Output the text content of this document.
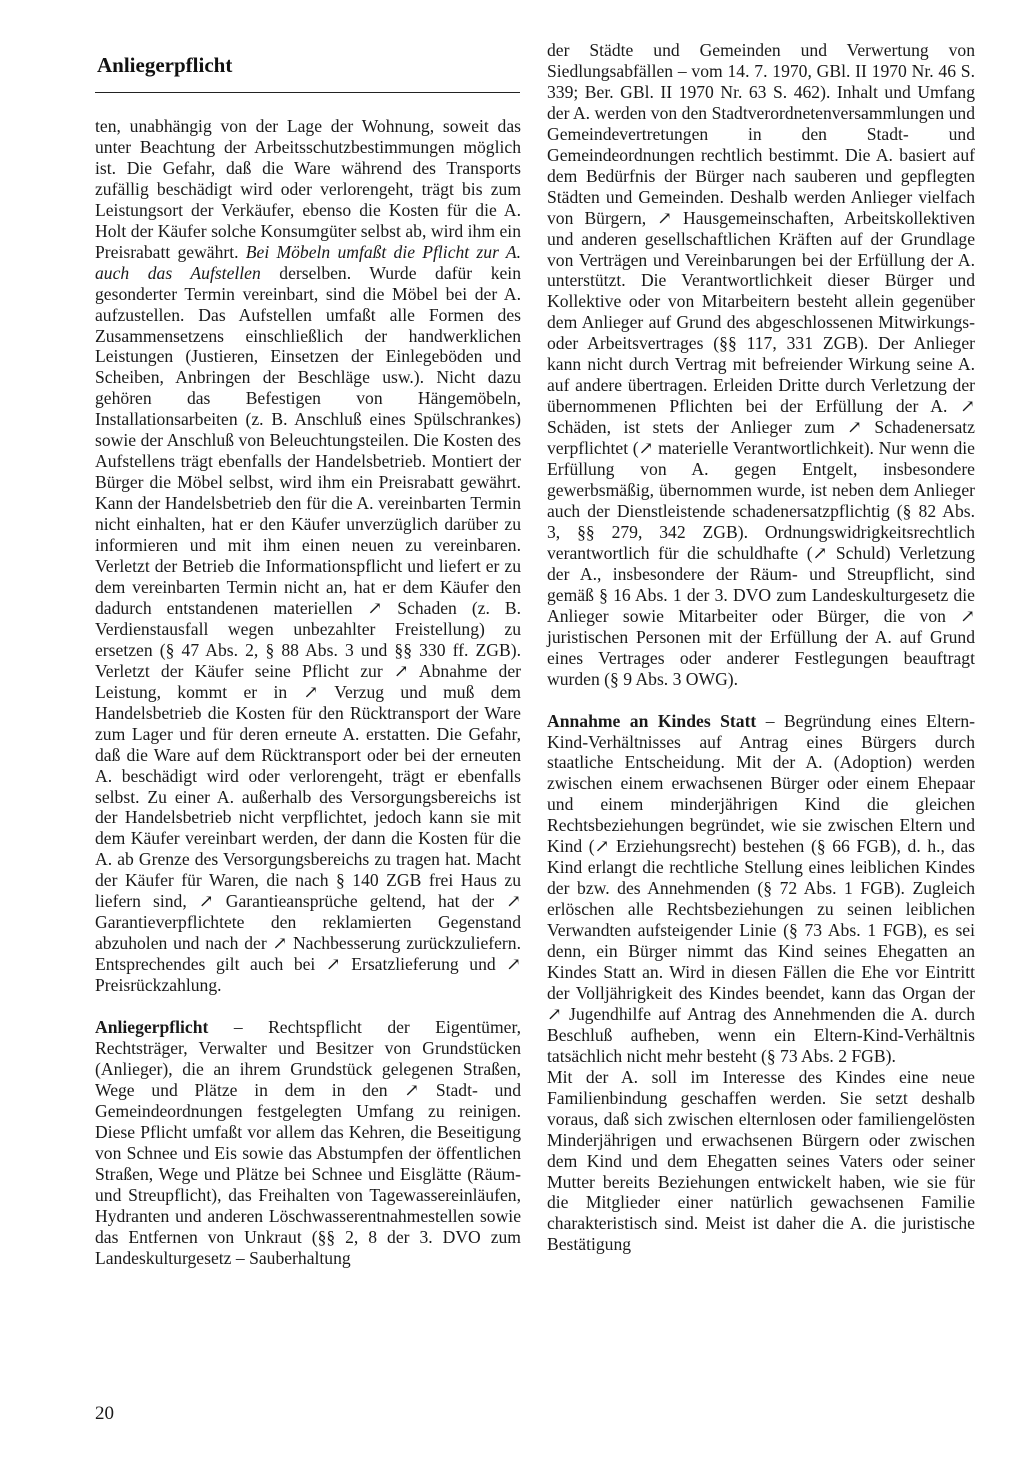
Anliegerpflicht

ten, unabhängig von der Lage der Wohnung, soweit das unter Beachtung der Arbeitsschutzbestimmungen möglich ist. Die Gefahr, daß die Ware während des Transports zufällig beschädigt wird oder verlorengeht, trägt bis zum Leistungsort der Verkäufer, ebenso die Kosten für die A. Holt der Käufer solche Konsumgüter selbst ab, wird ihm ein Preisrabatt gewährt. Bei Möbeln umfaßt die Pflicht zur A. auch das Aufstellen derselben. Wurde dafür kein gesonderter Termin vereinbart, sind die Möbel bei der A. aufzustellen. Das Aufstellen umfaßt alle Formen des Zusammensetzens einschließlich der handwerklichen Leistungen (Justieren, Einsetzen der Einlegeböden und Scheiben, Anbringen der Beschläge usw.). Nicht dazu gehören das Befestigen von Hängemöbeln, Installationsarbeiten (z. B. Anschluß eines Spülschrankes) sowie der Anschluß von Beleuchtungsteilen. Die Kosten des Aufstellens trägt ebenfalls der Handelsbetrieb. Montiert der Bürger die Möbel selbst, wird ihm ein Preisrabatt gewährt. Kann der Handelsbetrieb den für die A. vereinbarten Termin nicht einhalten, hat er den Käufer unverzüglich darüber zu informieren und mit ihm einen neuen zu vereinbaren. Verletzt der Betrieb die Informationspflicht und liefert er zu dem vereinbarten Termin nicht an, hat er dem Käufer den dadurch entstandenen materiellen ↗ Schaden (z. B. Verdienstausfall wegen unbezahlter Freistellung) zu ersetzen (§ 47 Abs. 2, § 88 Abs. 3 und §§ 330 ff. ZGB). Verletzt der Käufer seine Pflicht zur ↗ Abnahme der Leistung, kommt er in ↗ Verzug und muß dem Handelsbetrieb die Kosten für den Rücktransport der Ware zum Lager und für deren erneute A. erstatten. Die Gefahr, daß die Ware auf dem Rücktransport oder bei der erneuten A. beschädigt wird oder verlorengeht, trägt er ebenfalls selbst. Zu einer A. außerhalb des Versorgungsbereichs ist der Handelsbetrieb nicht verpflichtet, jedoch kann sie mit dem Käufer vereinbart werden, der dann die Kosten für die A. ab Grenze des Versorgungsbereichs zu tragen hat. Macht der Käufer für Waren, die nach § 140 ZGB frei Haus zu liefern sind, ↗ Garantieansprüche geltend, hat der ↗ Garantieverpflichtete den reklamierten Gegenstand abzuholen und nach der ↗ Nachbesserung zurückzuliefern. Entsprechendes gilt auch bei ↗ Ersatzlieferung und ↗ Preisrückzahlung.

Anliegerpflicht – Rechtspflicht der Eigentümer, Rechtsträger, Verwalter und Besitzer von Grundstücken (Anlieger), die an ihrem Grundstück gelegenen Straßen, Wege und Plätze in dem in den ↗ Stadt- und Gemeindeordnungen festgelegten Umfang zu reinigen. Diese Pflicht umfaßt vor allem das Kehren, die Beseitigung von Schnee und Eis sowie das Abstumpfen der öffentlichen Straßen, Wege und Plätze bei Schnee und Eisglätte (Räum- und Streupflicht), das Freihalten von Tagewassereinläufen, Hydranten und anderen Löschwasserentnahmestellen sowie das Entfernen von Unkraut (§§ 2, 8 der 3. DVO zum Landeskulturgesetz – Sauberhaltung

der Städte und Gemeinden und Verwertung von Siedlungsabfällen – vom 14. 7. 1970, GBl. II 1970 Nr. 46 S. 339; Ber. GBl. II 1970 Nr. 63 S. 462). Inhalt und Umfang der A. werden von den Stadtverordnetenversammlungen und Gemeindevertretungen in den Stadt- und Gemeindeordnungen rechtlich bestimmt. Die A. basiert auf dem Bedürfnis der Bürger nach sauberen und gepflegten Städten und Gemeinden. Deshalb werden Anlieger vielfach von Bürgern, ↗ Hausgemeinschaften, Arbeitskollektiven und anderen gesellschaftlichen Kräften auf der Grundlage von Verträgen und Vereinbarungen bei der Erfüllung der A. unterstützt. Die Verantwortlichkeit dieser Bürger und Kollektive oder von Mitarbeitern besteht allein gegenüber dem Anlieger auf Grund des abgeschlossenen Mitwirkungs- oder Arbeitsvertrages (§§ 117, 331 ZGB). Der Anlieger kann nicht durch Vertrag mit befreiender Wirkung seine A. auf andere übertragen. Erleiden Dritte durch Verletzung der übernommenen Pflichten bei der Erfüllung der A. ↗ Schäden, ist stets der Anlieger zum ↗ Schadenersatz verpflichtet (↗ materielle Verantwortlichkeit). Nur wenn die Erfüllung von A. gegen Entgelt, insbesondere gewerbsmäßig, übernommen wurde, ist neben dem Anlieger auch der Dienstleistende schadenersatzpflichtig (§ 82 Abs. 3, §§ 279, 342 ZGB). Ordnungswidrigkeitsrechtlich verantwortlich für die schuldhafte (↗ Schuld) Verletzung der A., insbesondere der Räum- und Streupflicht, sind gemäß § 16 Abs. 1 der 3. DVO zum Landeskulturgesetz die Anlieger sowie Mitarbeiter oder Bürger, die von ↗ juristischen Personen mit der Erfüllung der A. auf Grund eines Vertrages oder anderer Festlegungen beauftragt wurden (§ 9 Abs. 3 OWG).

Annahme an Kindes Statt – Begründung eines Eltern-Kind-Verhältnisses auf Antrag eines Bürgers durch staatliche Entscheidung. Mit der A. (Adoption) werden zwischen einem erwachsenen Bürger oder einem Ehepaar und einem minderjährigen Kind die gleichen Rechtsbeziehungen begründet, wie sie zwischen Eltern und Kind (↗ Erziehungsrecht) bestehen (§ 66 FGB), d. h., das Kind erlangt die rechtliche Stellung eines leiblichen Kindes der bzw. des Annehmenden (§ 72 Abs. 1 FGB). Zugleich erlöschen alle Rechtsbeziehungen zu seinen leiblichen Verwandten aufsteigender Linie (§ 73 Abs. 1 FGB), es sei denn, ein Bürger nimmt das Kind seines Ehegatten an Kindes Statt an. Wird in diesen Fällen die Ehe vor Eintritt der Volljährigkeit des Kindes beendet, kann das Organ der ↗ Jugendhilfe auf Antrag des Annehmenden die A. durch Beschluß aufheben, wenn ein Eltern-Kind-Verhältnis tatsächlich nicht mehr besteht (§ 73 Abs. 2 FGB).

Mit der A. soll im Interesse des Kindes eine neue Familienbindung geschaffen werden. Sie setzt deshalb voraus, daß sich zwischen elternlosen oder familiengelösten Minderjährigen und erwachsenen Bürgern oder zwischen dem Kind und dem Ehegatten seines Vaters oder seiner Mutter bereits Beziehungen entwickelt haben, wie sie für die Mitglieder einer natürlich gewachsenen Familie charakteristisch sind. Meist ist daher die A. die juristische Bestätigung

20
